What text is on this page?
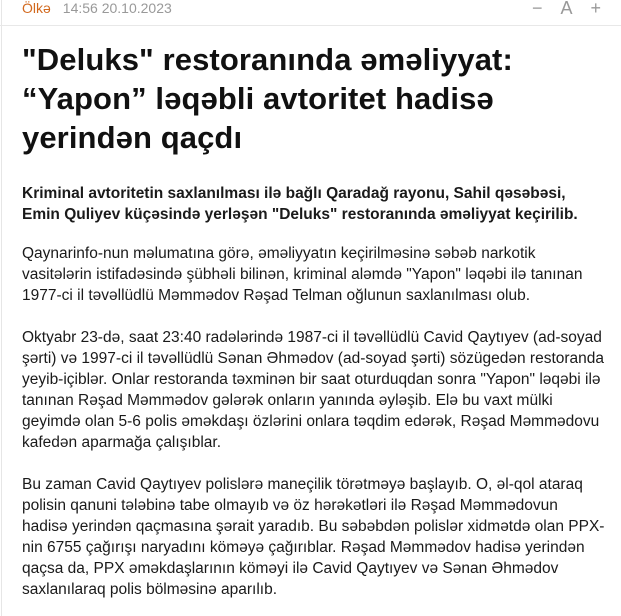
Ölkə 14:56 20.10.2023	− A +
"Deluks" restoranında əməliyyat: “Yapon” ləqəbli avtoritet hadisə yerindən qaçdı

Kriminal avtoritetin saxlanılması ilə bağlı Qaradağ rayonu, Sahil qəsəbəsi, Emin Quliyev küçəsində yerləşən "Deluks" restoranında əməliyyat keçirilib.

Qaynarinfo-nun məlumatına görə, əməliyyatın keçirilməsinə səbəb narkotik vasitələrin istifadəsində şübhəli bilinən, kriminal aləmdə "Yapon" ləqəbi ilə tanınan 1977-ci il təvəllüdlü Məmmədov Rəşad Telman oğlunun saxlanılması olub.

Oktyabr 23-də, saat 23:40 radələrində 1987-ci il təvəllüdlü Cavid Qaytıyev (ad-soyad şərti) və 1997-ci il təvəllüdlü Sənan Əhmədov (ad-soyad şərti) sözügedən restoranda yeyib-içiblər. Onlar restoranda təxminən bir saat oturduqdan sonra "Yapon" ləqəbi ilə tanınan Rəşad Məmmədov gələrək onların yanında əyləşib. Elə bu vaxt mülki geyimdə olan 5-6 polis əməkdaşı özlərini onlara təqdim edərək, Rəşad Məmmədovu kafedən aparmağa çalışıblar.

Bu zaman Cavid Qaytıyev polislərə maneçilik törətməyə başlayıb. O, əl-qol ataraq polisin qanuni tələbinə tabe olmayıb və öz hərəkətləri ilə Rəşad Məmmədovun hadisə yerindən qaçmasına şərait yaradıb. Bu səbəbdən polislər xidmətdə olan PPX-nin 6755 çağırışı naryadını köməyə çağırıblar. Rəşad Məmmədov hadisə yerindən qaçsa da, PPX əməkdaşlarının köməyi ilə Cavid Qaytıyev və Sənan Əhmədov saxlanılaraq polis bölməsinə aparılıb.
